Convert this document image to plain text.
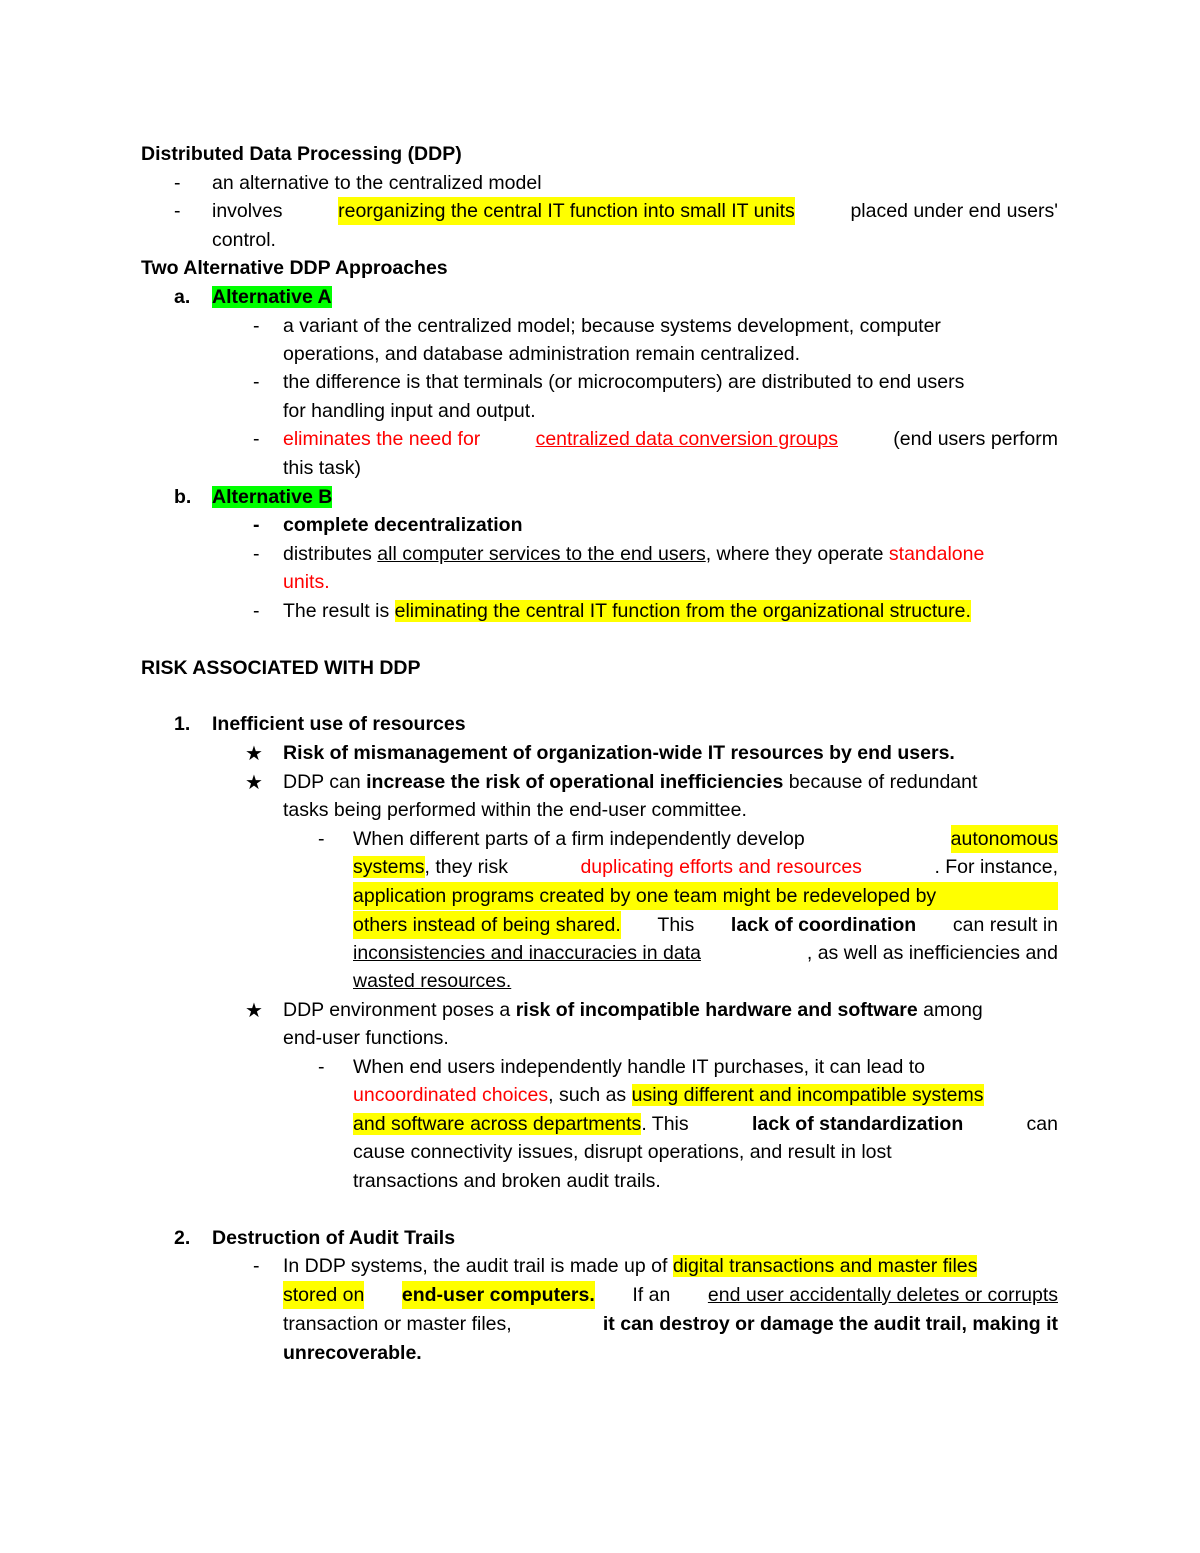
Distributed Data Processing (DDP)
- an alternative to the centralized model
- involves	reorganizing the central IT function into small IT units	placed under end users'
control.
Two Alternative DDP Approaches
a. Alternative A
- a variant of the centralized model; because systems development, computer
operations, and database administration remain centralized.
- the difference is that terminals (or microcomputers) are distributed to end users
for handling input and output.
- eliminates the need for	centralized data conversion groups	(end users perform
this task)
b. Alternative B
- complete decentralization
- distributes all computer services to the end users, where they operate standalone
units.
- The result is eliminating the central IT function from the organizational structure.
RISK ASSOCIATED WITH DDP
1. Inefficient use of resources
★ Risk of mismanagement of organization-wide IT resources by end users.
★ DDP can increase the risk of operational inefficiencies because of redundant
tasks being performed within the end-user committee.
- When different parts of a firm independently develop	autonomous
systems, they risk	duplicating efforts and resources	. For instance,
application programs created by one team might be redeveloped by
others instead of being shared. This lack of coordination can result in
inconsistencies and inaccuracies in data	, as well as inefficiencies and
wasted resources.
★ DDP environment poses a risk of incompatible hardware and software among
end-user functions.
- When end users independently handle IT purchases, it can lead to
uncoordinated choices, such as using different and incompatible systems
and software across departments. This	lack of standardization	can
cause connectivity issues, disrupt operations, and result in lost
transactions and broken audit trails.
2. Destruction of Audit Trails
- In DDP systems, the audit trail is made up of digital transactions and master files
stored on end-user computers. If an end user accidentally deletes or corrupts
transaction or master files,	it can destroy or damage the audit trail, making it
unrecoverable.
